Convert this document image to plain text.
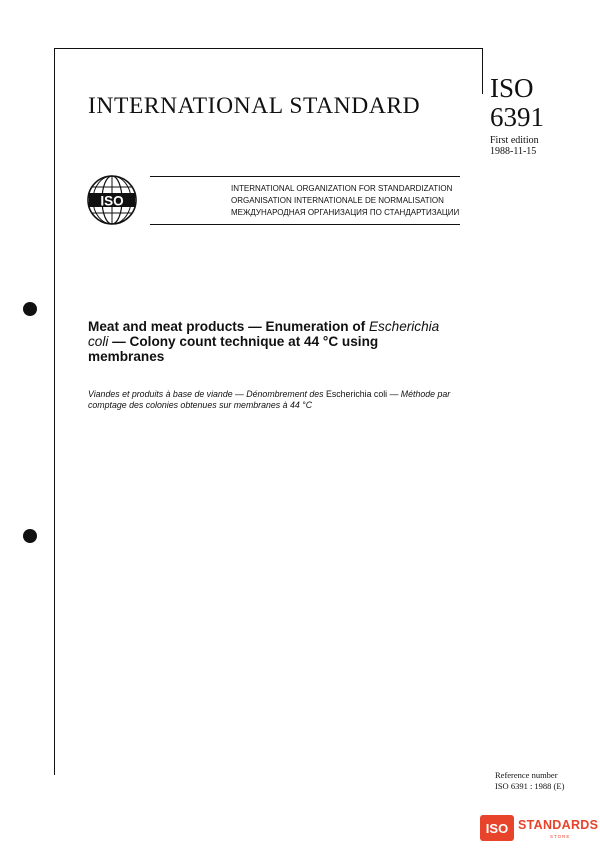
INTERNATIONAL STANDARD
ISO
6391
First edition
1988-11-15
ISO
INTERNATIONAL ORGANIZATION FOR STANDARDIZATION
ORGANISATION INTERNATIONALE DE NORMALISATION
МЕЖДУНАРОДНАЯ ОРГАНИЗАЦИЯ ПО СТАНДАРТИЗАЦИИ
Meat and meat products — Enumeration of Escherichia coli — Colony count technique at 44 °C using membranes
Viandes et produits à base de viande — Dénombrement des Escherichia coli — Méthode par comptage des colonies obtenues sur membranes à 44 °C
Reference number
ISO 6391 : 1988 (E)
ISO STANDARDS
STORE
